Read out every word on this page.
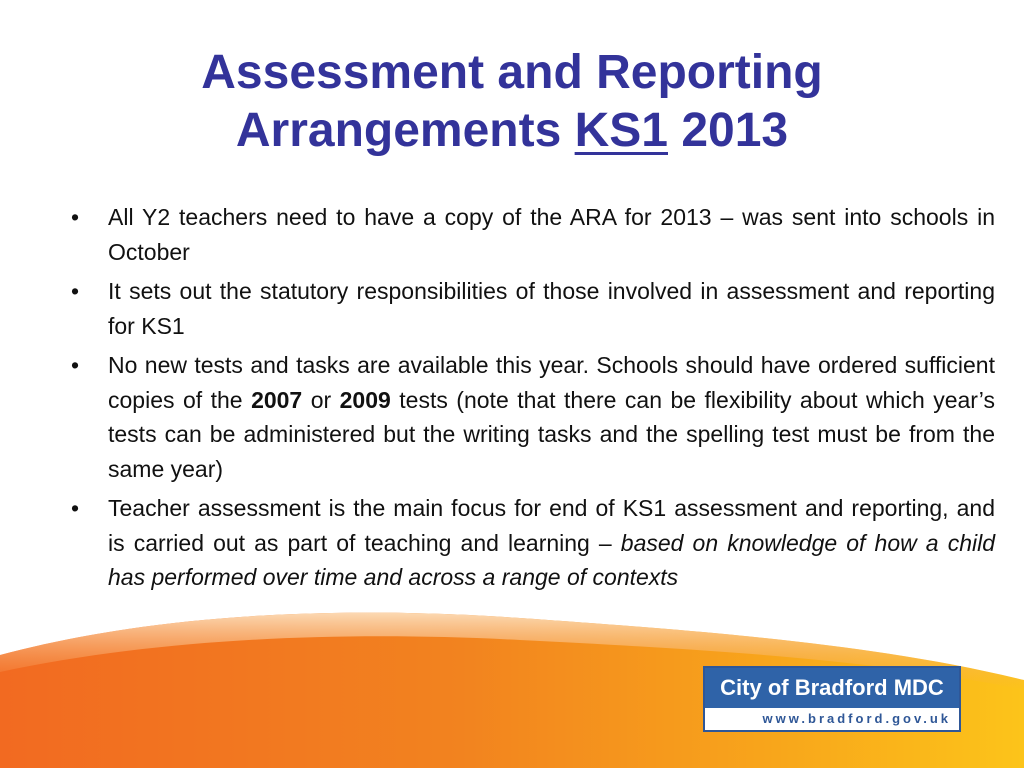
Assessment and Reporting
Arrangements KS1 2013
• All Y2 teachers need to have a copy of the ARA for 2013 – was sent into schools in October
• It sets out the statutory responsibilities of those involved in assessment and reporting for KS1
• No new tests and tasks are available this year. Schools should have ordered sufficient copies of the 2007 or 2009 tests (note that there can be flexibility about which year’s tests can be administered but the writing tasks and the spelling test must be from the same year)
• Teacher assessment is the main focus for end of KS1 assessment and reporting, and is carried out as part of teaching and learning – based on knowledge of how a child has performed over time and across a range of contexts
City of Bradford MDC
www.bradford.gov.uk
